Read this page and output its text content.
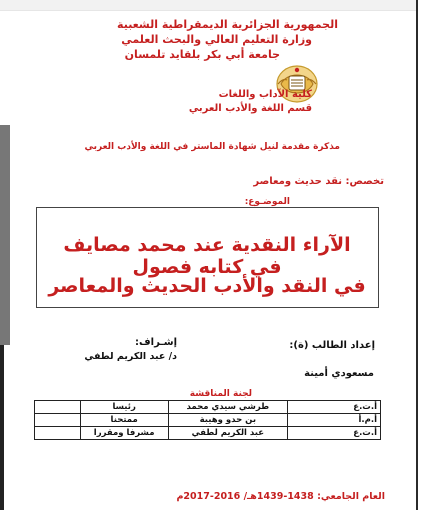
الجمهورية الجزائرية الديمقراطية الشعبية
وزارة التعليم العالي والبحث العلمي
جامعة أبي بكر بلقايد تلمسان
كلية الآداب واللغات
قسم اللغة والأدب العربي
مذكرة مقدمة لنيل شهادة الماستر في اللغة والأدب العربي
تخصص: نقد حديث ومعاصر
الموضـوع:
الآراء النقدية عند محمد مصايف في كتابه فصول
في النقد والأدب الحديث والمعاصر
إعداد الطالب (ة):
إشـراف:
د/ عبد الكريم لطفي
مسعودي أمينة
لجنة المناقشة
أ.ت.ع	طرشي سيدي محمد	رئيسا	
أ.م.أ	بن حدو وهيبة	ممتحنا	
أ.ت.ع	عبد الكريم لطفي	مشرفا ومقررا	
العام الجامعي: 1438-1439هـ/ 2016-2017م
